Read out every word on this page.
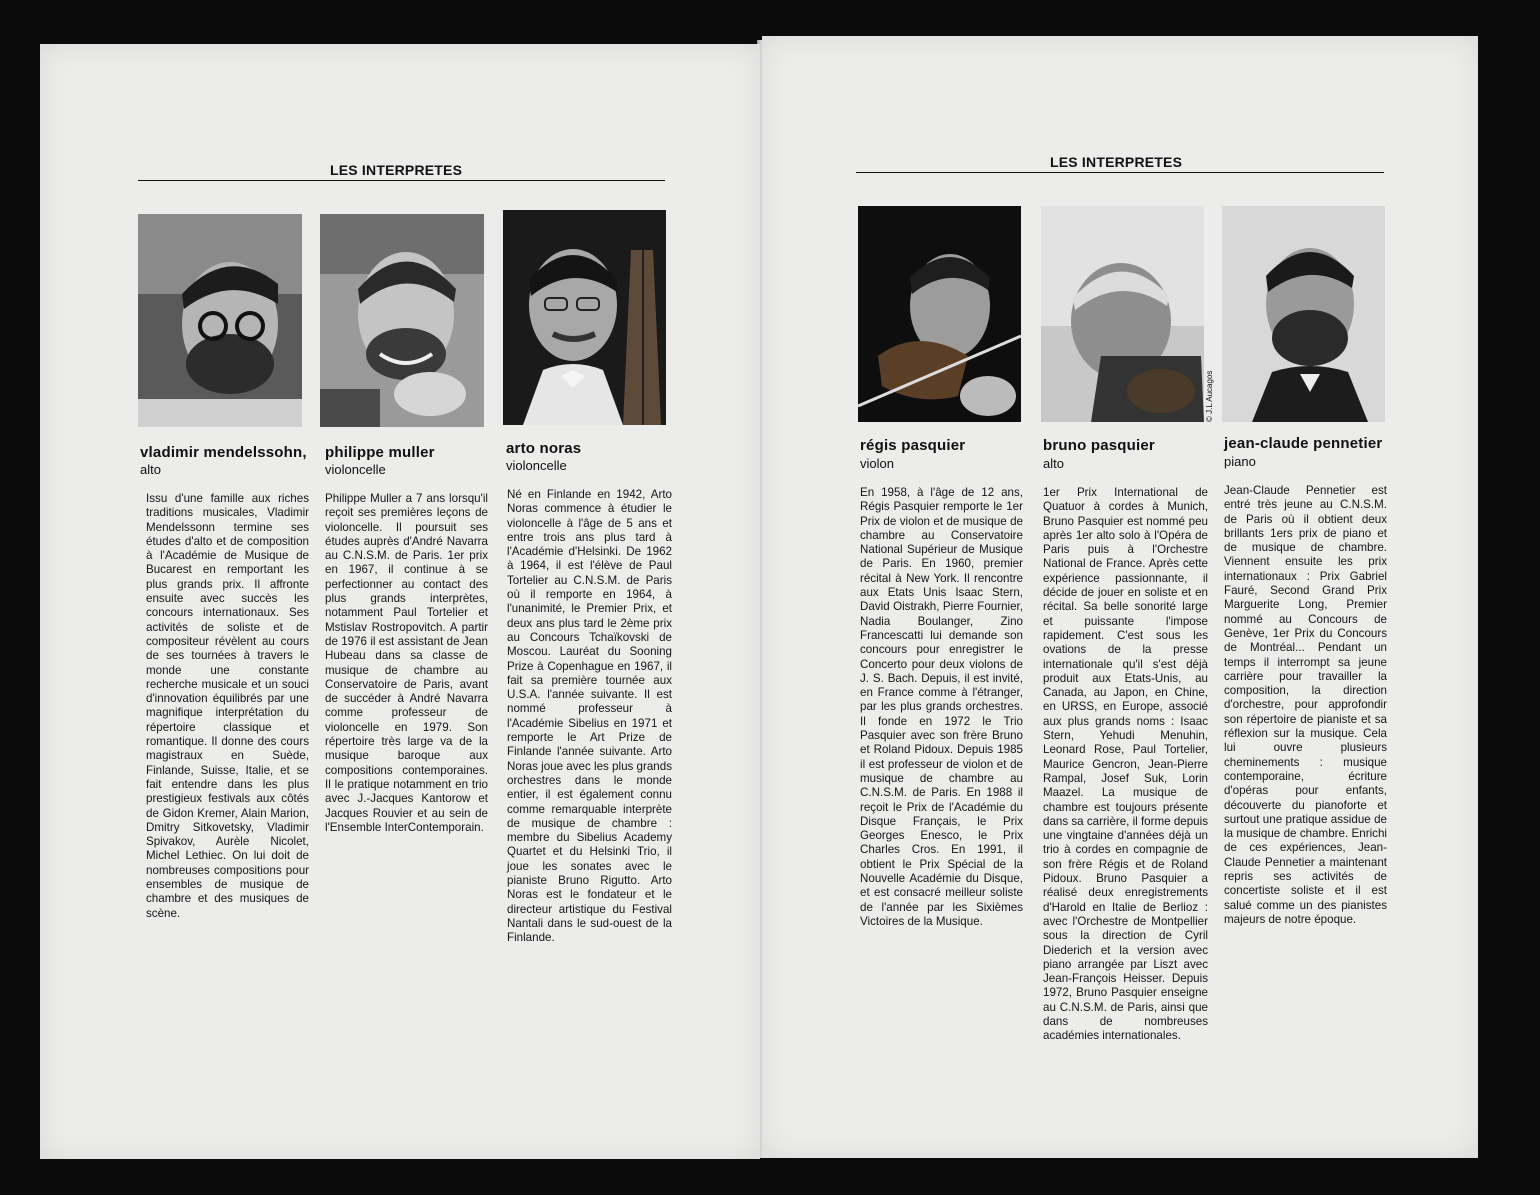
LES INTERPRETES
vladimir mendelssohn,
alto

Issu d'une famille aux riches traditions musicales, Vladimir Mendelssonn termine ses études d'alto et de composition à l'Académie de Musique de Bucarest en remportant les plus grands prix. Il affronte ensuite avec succès les concours internationaux. Ses activités de soliste et de compositeur révèlent au cours de ses tournées à travers le monde une constante recherche musicale et un souci d'innovation équilibrés par une magnifique interprétation du répertoire classique et romantique. Il donne des cours magistraux en Suède, Finlande, Suisse, Italie, et se fait entendre dans les plus prestigieux festivals aux côtés de Gidon Kremer, Alain Marion, Dmitry Sitkovetsky, Vladimir Spivakov, Aurèle Nicolet, Michel Lethiec. On lui doit de nombreuses compositions pour ensembles de musique de chambre et des musiques de scène.

philippe muller
violoncelle

Philippe Muller a 7 ans lorsqu'il reçoit ses premières leçons de violoncelle. Il poursuit ses études auprès d'André Navarra au C.N.S.M. de Paris. 1er prix en 1967, il continue à se perfectionner au contact des plus grands interprètes, notamment Paul Tortelier et Mstislav Rostropovitch. A partir de 1976 il est assistant de Jean Hubeau dans sa classe de musique de chambre au Conservatoire de Paris, avant de succéder à André Navarra comme professeur de violoncelle en 1979. Son répertoire très large va de la musique baroque aux compositions contemporaines. Il le pratique notamment en trio avec J.-Jacques Kantorow et Jacques Rouvier et au sein de l'Ensemble InterContemporain.

arto noras
violoncelle

Né en Finlande en 1942, Arto Noras commence à étudier le violoncelle à l'âge de 5 ans et entre trois ans plus tard à l'Académie d'Helsinki. De 1962 à 1964, il est l'élève de Paul Tortelier au C.N.S.M. de Paris où il remporte en 1964, à l'unanimité, le Premier Prix, et deux ans plus tard le 2ème prix au Concours Tchaïkovski de Moscou. Lauréat du Sooning Prize à Copenhague en 1967, il fait sa première tournée aux U.S.A. l'année suivante. Il est nommé professeur à l'Académie Sibelius en 1971 et remporte le Art Prize de Finlande l'année suivante. Arto Noras joue avec les plus grands orchestres dans le monde entier, il est également connu comme remarquable interprète de musique de chambre : membre du Sibelius Academy Quartet et du Helsinki Trio, il joue les sonates avec le pianiste Bruno Rigutto. Arto Noras est le fondateur et le directeur artistique du Festival Nantali dans le sud-ouest de la Finlande.

LES INTERPRETES
régis pasquier
violon

En 1958, à l'âge de 12 ans, Régis Pasquier remporte le 1er Prix de violon et de musique de chambre au Conservatoire National Supérieur de Musique de Paris. En 1960, premier récital à New York. Il rencontre aux Etats Unis Isaac Stern, David Oistrakh, Pierre Fournier, Nadia Boulanger, Zino Francescatti lui demande son concours pour enregistrer le Concerto pour deux violons de J. S. Bach. Depuis, il est invité, en France comme à l'étranger, par les plus grands orchestres. Il fonde en 1972 le Trio Pasquier avec son frère Bruno et Roland Pidoux. Depuis 1985 il est professeur de violon et de musique de chambre au C.N.S.M. de Paris. En 1988 il reçoit le Prix de l'Académie du Disque Français, le Prix Georges Enesco, le Prix Charles Cros. En 1991, il obtient le Prix Spécial de la Nouvelle Académie du Disque, et est consacré meilleur soliste de l'année par les Sixièmes Victoires de la Musique.

© J.L Aucagos
bruno pasquier
alto

1er Prix International de Quatuor à cordes à Munich, Bruno Pasquier est nommé peu après 1er alto solo à l'Opéra de Paris puis à l'Orchestre National de France. Après cette expérience passionnante, il décide de jouer en soliste et en récital. Sa belle sonorité large et puissante l'impose rapidement. C'est sous les ovations de la presse internationale qu'il s'est déjà produit aux Etats-Unis, au Canada, au Japon, en Chine, en URSS, en Europe, associé aux plus grands noms : Isaac Stern, Yehudi Menuhin, Leonard Rose, Paul Tortelier, Maurice Gencron, Jean-Pierre Rampal, Josef Suk, Lorin Maazel. La musique de chambre est toujours présente dans sa carrière, il forme depuis une vingtaine d'années déjà un trio à cordes en compagnie de son frère Régis et de Roland Pidoux. Bruno Pasquier a réalisé deux enregistrements d'Harold en Italie de Berlioz : avec l'Orchestre de Montpellier sous la direction de Cyril Diederich et la version avec piano arrangée par Liszt avec Jean-François Heisser. Depuis 1972, Bruno Pasquier enseigne au C.N.S.M. de Paris, ainsi que dans de nombreuses académies internationales.

jean-claude pennetier
piano

Jean-Claude Pennetier est entré très jeune au C.N.S.M. de Paris où il obtient deux brillants 1ers prix de piano et de musique de chambre. Viennent ensuite les prix internationaux : Prix Gabriel Fauré, Second Grand Prix Marguerite Long, Premier nommé au Concours de Genève, 1er Prix du Concours de Montréal... Pendant un temps il interrompt sa jeune carrière pour travailler la composition, la direction d'orchestre, pour approfondir son répertoire de pianiste et sa réflexion sur la musique. Cela lui ouvre plusieurs cheminements : musique contemporaine, écriture d'opéras pour enfants, découverte du pianoforte et surtout une pratique assidue de la musique de chambre. Enrichi de ces expériences, Jean-Claude Pennetier a maintenant repris ses activités de concertiste soliste et il est salué comme un des pianistes majeurs de notre époque.
